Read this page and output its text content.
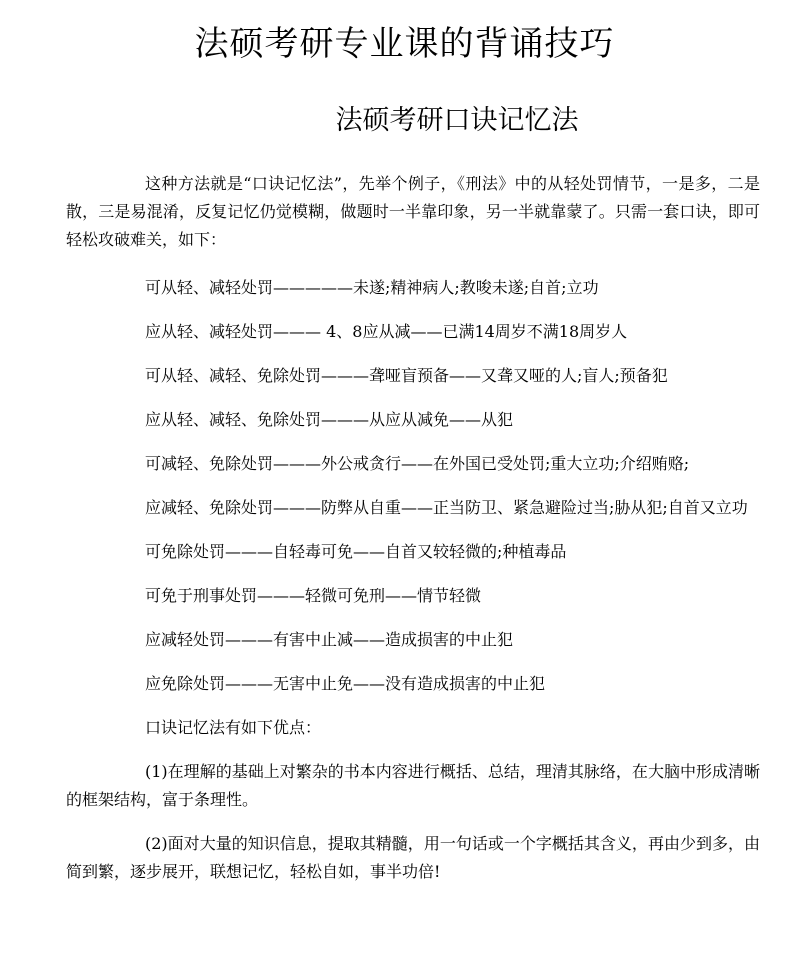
法硕考研专业课的背诵技巧
法硕考研口诀记忆法

这种方法就是“口诀记忆法”，先举个例子，《刑法》中的从轻处罚情节，一是多，二是散，三是易混淆，反复记忆仍觉模糊，做题时一半靠印象，另一半就靠蒙了。只需一套口诀，即可轻松攻破难关，如下：

可从轻、减轻处罚—————未遂;精神病人;教唆未遂;自首;立功

应从轻、减轻处罚——— 4、8应从减——已满14周岁不满18周岁人

可从轻、减轻、免除处罚———聋哑盲预备——又聋又哑的人;盲人;预备犯

应从轻、减轻、免除处罚———从应从减免——从犯

可减轻、免除处罚———外公戒贪行——在外国已受处罚;重大立功;介绍贿赂;

应减轻、免除处罚———防弊从自重——正当防卫、紧急避险过当;胁从犯;自首又立功

可免除处罚———自轻毒可免——自首又较轻微的;种植毒品

可免于刑事处罚———轻微可免刑——情节轻微

应减轻处罚———有害中止减——造成损害的中止犯

应免除处罚———无害中止免——没有造成损害的中止犯

口诀记忆法有如下优点：

(1)在理解的基础上对繁杂的书本内容进行概括、总结，理清其脉络，在大脑中形成清晰的框架结构，富于条理性。

(2)面对大量的知识信息，提取其精髓，用一句话或一个字概括其含义，再由少到多，由简到繁，逐步展开，联想记忆，轻松自如，事半功倍!
